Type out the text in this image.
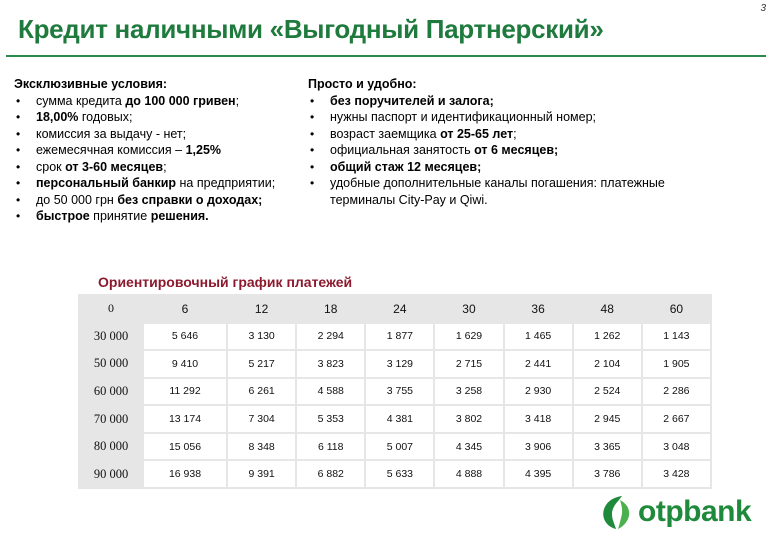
3
Кредит наличными «Выгодный Партнерский»
Эксклюзивные условия:
• сумма кредита до 100 000 гривен;
• 18,00% годовых;
• комиссия за выдачу - нет;
• ежемесячная комиссия – 1,25%
• срок от 3-60 месяцев;
• персональный банкир на предприятии;
• до 50 000 грн без справки о доходах;
• быстрое принятие решения.
Просто и удобно:
• без поручителей и залога;
• нужны паспорт и идентификационный номер;
• возраст заемщика от 25-65 лет;
• официальная занятость от 6 месяцев;
• общий стаж 12 месяцев;
• удобные дополнительные каналы погашения: платежные терминалы City-Pay и Qiwi.
Ориентировочный график платежей
0	6	12	18	24	30	36	48	60
30 000	5 646	3 130	2 294	1 877	1 629	1 465	1 262	1 143
50 000	9 410	5 217	3 823	3 129	2 715	2 441	2 104	1 905
60 000	11 292	6 261	4 588	3 755	3 258	2 930	2 524	2 286
70 000	13 174	7 304	5 353	4 381	3 802	3 418	2 945	2 667
80 000	15 056	8 348	6 118	5 007	4 345	3 906	3 365	3 048
90 000	16 938	9 391	6 882	5 633	4 888	4 395	3 786	3 428
otpbank
